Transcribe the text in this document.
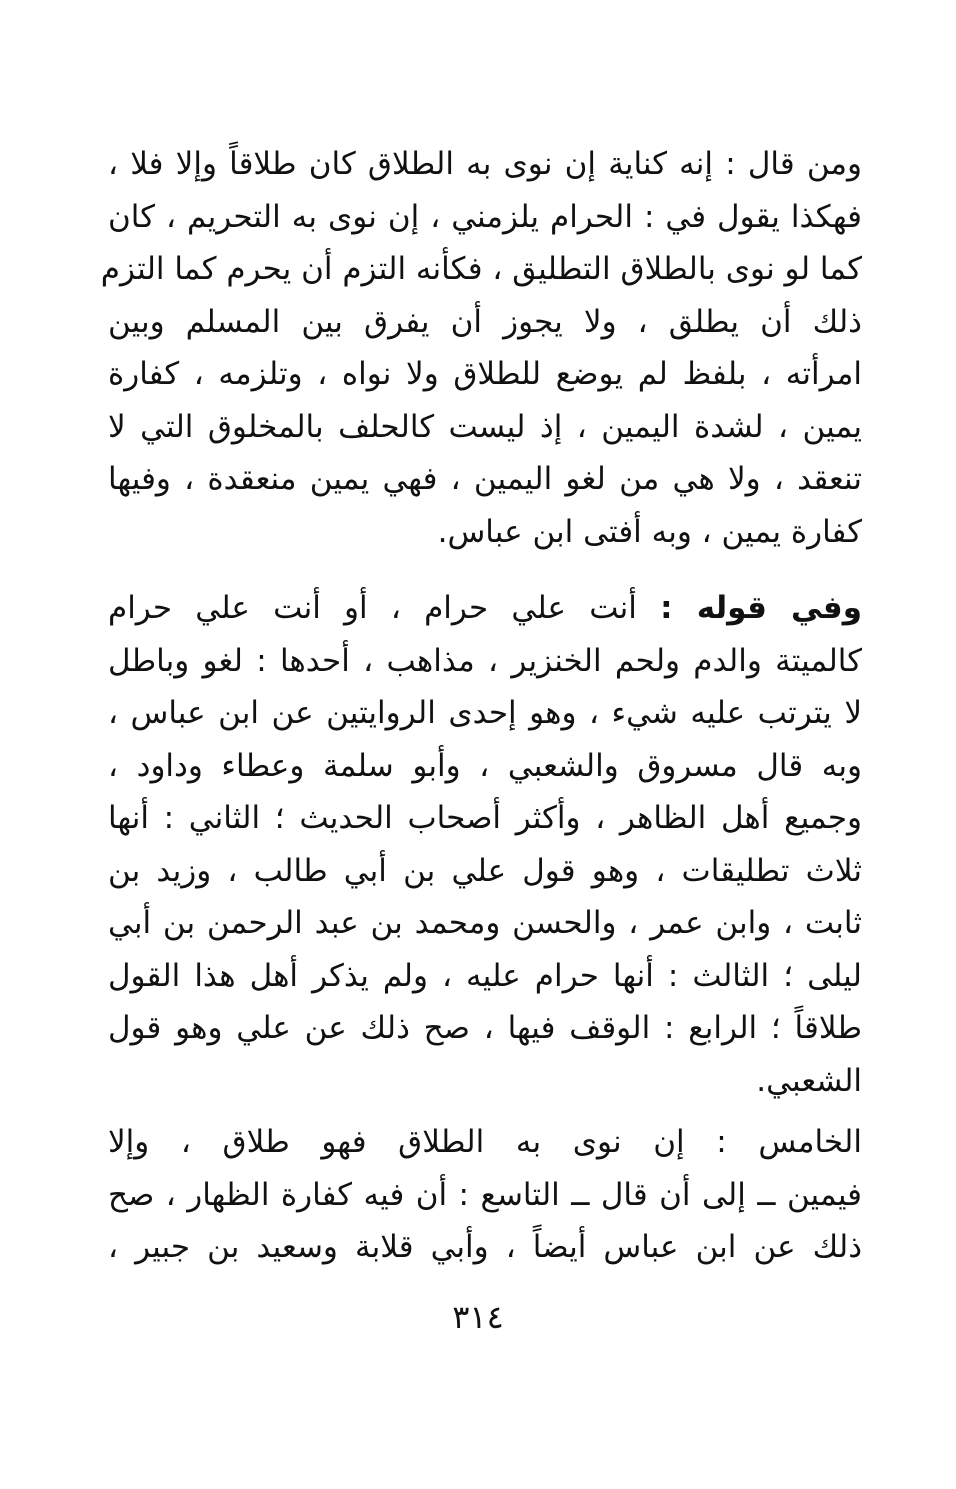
ومن قال : إنه كناية إن نوى به الطلاق كان طلاقاً وإلا فلا ،
فهكذا يقول في : الحرام يلزمني ، إن نوى به التحريم ، كان
كما لو نوى بالطلاق التطليق ، فكأنه التزم أن يحرم كما التزم
ذلك أن يطلق ، ولا يجوز أن يفرق بين المسلم وبين
امرأته ، بلفظ لم يوضع للطلاق ولا نواه ، وتلزمه ، كفارة
يمين ، لشدة اليمين ، إذ ليست كالحلف بالمخلوق التي لا
تنعقد ، ولا هي من لغو اليمين ، فهي يمين منعقدة ، وفيها
كفارة يمين ، وبه أفتى ابن عباس.
وفي قوله : أنت علي حرام ، أو أنت علي حرام
كالميتة والدم ولحم الخنزير ، مذاهب ، أحدها : لغو وباطل
لا يترتب عليه شيء ، وهو إحدى الروايتين عن ابن عباس ،
وبه قال مسروق والشعبي ، وأبو سلمة وعطاء وداود ،
وجميع أهل الظاهر ، وأكثر أصحاب الحديث ؛ الثاني : أنها
ثلاث تطليقات ، وهو قول علي بن أبي طالب ، وزيد بن
ثابت ، وابن عمر ، والحسن ومحمد بن عبد الرحمن بن أبي
ليلى ؛ الثالث : أنها حرام عليه ، ولم يذكر أهل هذا القول
طلاقاً ؛ الرابع : الوقف فيها ، صح ذلك عن علي وهو قول
الشعبي.
الخامس : إن نوى به الطلاق فهو طلاق ، وإلا
فيمين ــ إلى أن قال ــ التاسع : أن فيه كفارة الظهار ، صح
ذلك عن ابن عباس أيضاً ، وأبي قلابة وسعيد بن جبير ،
٣١٤
